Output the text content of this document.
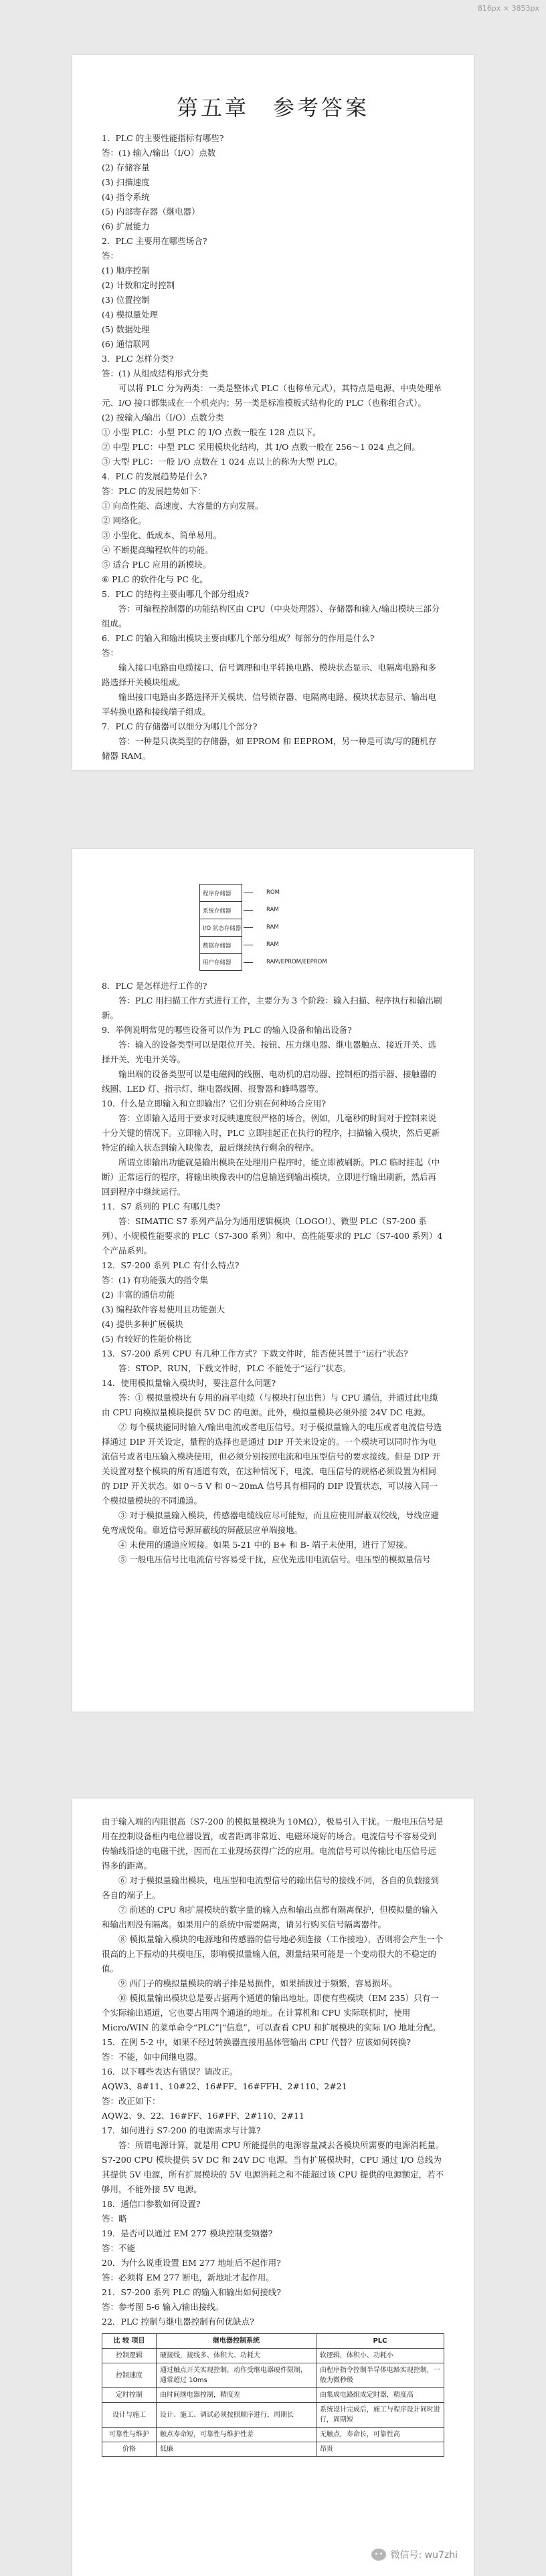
816px × 3853px
第五章　参考答案

1．PLC 的主要性能指标有哪些?

答：(1) 输入/输出（I/O）点数

(2) 存储容量

(3) 扫描速度

(4) 指令系统

(5) 内部寄存器（继电器）

(6) 扩展能力

2．PLC 主要用在哪些场合?

答：

(1) 顺序控制

(2) 计数和定时控制

(3) 位置控制

(4) 模拟量处理

(5) 数据处理

(6) 通信联网

3．PLC 怎样分类?

答：(1) 从组成结构形式分类

可以将 PLC 分为两类：一类是整体式 PLC（也称单元式），其特点是电源、中央处理单元、I/O 接口都集成在一个机壳内；另一类是标准模板式结构化的 PLC（也称组合式）。

(2) 按输入/输出（I/O）点数分类

① 小型 PLC：小型 PLC 的 I/O 点数一般在 128 点以下。

② 中型 PLC：中型 PLC 采用模块化结构，其 I/O 点数一般在 256～1 024 点之间。

③ 大型 PLC：一般 I/O 点数在 1 024 点以上的称为大型 PLC。

4．PLC 的发展趋势是什么?

答：PLC 的发展趋势如下：

① 向高性能、高速度、大容量的方向发展。

② 网络化。

③ 小型化、低成本、简单易用。

④ 不断提高编程软件的功能。

⑤ 适合 PLC 应用的新模块。

⑥ PLC 的软件化与 PC 化。

5．PLC 的结构主要由哪几个部分组成?

答：可编程控制器的功能结构区由 CPU（中央处理器）、存储器和输入/输出模块三部分组成。

6．PLC 的输入和输出模块主要由哪几个部分组成？每部分的作用是什么?

答：

输入接口电路由电缆接口、信号调理和电平转换电路、模块状态显示、电隔离电路和多路选择开关模块组成。

输出接口电路由多路选择开关模块、信号锁存器、电隔离电路、模块状态显示、输出电平转换电路和接线端子组成。

7．PLC 的存储器可以细分为哪几个部分?

答：一种是只读类型的存储器，如 EPROM 和 EEPROM，另一种是可读/写的随机存储器 RAM。

程序存储器	ROM
系统存储器	RAM
I/O 状态存储器	RAM
数据存储器	RAM
用户存储器	RAM/EPROM/EEPROM

8．PLC 是怎样进行工作的?

答：PLC 用扫描工作方式进行工作，主要分为 3 个阶段：输入扫描、程序执行和输出刷新。

9．举例说明常见的哪些设备可以作为 PLC 的输入设备和输出设备?

答：输入的设备类型可以是限位开关、按钮、压力继电器、继电器触点、接近开关、选择开关、光电开关等。

输出端的设备类型可以是电磁阀的线圈、电动机的启动器、控制柜的指示器、接触器的线圈、LED 灯、指示灯、继电器线圈、报警器和蜂鸣器等。

10．什么是立即输入和立即输出？它们分别在何种场合应用?

答：立即输入适用于要求对反映速度很严格的场合，例如，几毫秒的时间对于控制来说十分关键的情况下。立即输入时，PLC 立即挂起正在执行的程序，扫描输入模块，然后更新特定的输入状态到输入映像表，最后继续执行剩余的程序。

所谓立即输出功能就是输出模块在处理用户程序时，能立即被刷新。PLC 临时挂起（中断）正常运行的程序，将输出映像表中的信息输送到输出模块，立即进行输出刷新，然后再回到程序中继续运行。

11．S7 系列的 PLC 有哪几类?

答：SIMATIC S7 系列产品分为通用逻辑模块（LOGO!）、微型 PLC（S7-200 系列）、小规模性能要求的 PLC（S7-300 系列）和中、高性能要求的 PLC（S7-400 系列）4 个产品系列。

12．S7-200 系列 PLC 有什么特点?

答：(1) 有功能强大的指令集

(2) 丰富的通信功能

(3) 编程软件容易使用且功能强大

(4) 提供多种扩展模块

(5) 有较好的性能价格比

13．S7-200 系列 CPU 有几种工作方式？下载文件时，能否使其置于“运行”状态?

答：STOP、RUN，下载文件时，PLC 不能处于“运行”状态。

14．使用模拟量输入模块时，要注意什么问题?

答：① 模拟量模块有专用的扁平电缆（与模块打包出售）与 CPU 通信，并通过此电缆由 CPU 向模拟量模块提供 5V DC 的电源。此外，模拟量模块必须外接 24V DC 电源。

② 每个模块能同时输入/输出电流或者电压信号。对于模拟量输入的电压或者电流信号选择通过 DIP 开关设定，量程的选择也是通过 DIP 开关来设定的。一个模块可以同时作为电流信号或者电压输入模块使用，但必须分别按照电流和电压型信号的要求接线。但是 DIP 开关设置对整个模块的所有通道有效，在这种情况下，电流、电压信号的规格必须设置为相同的 DIP 开关状态。如 0～5 V 和 0～20mA 信号具有相同的 DIP 设置状态，可以接入同一个模拟量模块的不同通道。

③ 对于模拟量输入模块，传感器电缆线应尽可能短，而且应使用屏蔽双绞线，导线应避免弯成锐角。靠近信号源屏蔽线的屏蔽层应单端接地。

④ 未使用的通道应短接。如果 5-21 中的 B+ 和 B- 端子未使用，进行了短接。

⑤ 一般电压信号比电流信号容易受干扰，应优先选用电流信号。电压型的模拟量信号

由于输入端的内阻很高（S7-200 的模拟量模块为 10MΩ），极易引入干扰。一般电压信号是用在控制设备柜内电位器设置，或者距离非常近、电磁环境好的场合。电流信号不容易受到传输线沿途的电磁干扰，因而在工业现场获得广泛的应用。电流信号可以传输比电压信号远得多的距离。

⑥ 对于模拟量输出模块，电压型和电流型信号的输出信号的接线不同，各自的负载接到各自的端子上。

⑦ 前述的 CPU 和扩展模块的数字量的输入点和输出点都有隔离保护，但模拟量的输入和输出则没有隔离。如果用户的系统中需要隔离，请另行购买信号隔离器件。

⑧ 模拟量输入模块的电源地和传感器的信号地必须连接（工作接地），否则将会产生一个很高的上下振动的共模电压，影响模拟量输入值，测量结果可能是一个变动很大的不稳定的值。

⑨ 西门子的模拟量模块的端子排是易损件，如果插拔过于频繁，容易损坏。

⑩ 模拟量输出模块总是要占据两个通道的输出地址。即使有些模块（EM 235）只有一个实际输出通道，它也要占用两个通道的地址。在计算机和 CPU 实际联机时，使用 Micro/WIN 的菜单命令“PLC”|“信息”，可以查看 CPU 和扩展模块的实际 I/O 地址分配。

15．在例 5-2 中，如果不经过转换器直接用晶体管输出 CPU 代替？应该如何转换?

答：不能，如中间继电器。

16．以下哪些表达有错误？请改正。

AQW3、8#11、10#22、16#FF、16#FFH、2#110、2#21

答：改正如下：

AQW2、9、22、16#FF、16#FF、2#110、2#11

17．如何进行 S7-200 的电源需求与计算?

答：所谓电源计算，就是用 CPU 所能提供的电源容量减去各模块所需要的电源消耗量。S7-200 CPU 模块提供 5V DC 和 24V DC 电源。当有扩展模块时，CPU 通过 I/O 总线为其提供 5V 电源，所有扩展模块的 5V 电源消耗之和不能超过该 CPU 提供的电源额定，若不够用，不能外接 5V 电源。

18．通信口参数如何设置?

答：略

19．是否可以通过 EM 277 模块控制变频器?

答：不能

20．为什么说重设置 EM 277 地址后不起作用?

答：必须将 EM 277 断电，新地址才起作用。

21．S7-200 系列 PLC 的输入和输出如何接线?

答：参考图 5-6 输入/输出接线。

22．PLC 控制与继电器控制有何优缺点?

比 较 项目	继电器控制系统	PLC
控制逻辑	硬接线，接线多、体积大、功耗大	软逻辑，体积小、功耗小
控制速度	通过触点开关实现控制，动作受继电器硬件限制，通常超过 10ms	由程序指令控制半导体电路实现控制，一般为微秒级
定时控制	由时间继电器控制，精度差	由集成电路组成定时器，精度高
设计与施工	设计、施工、调试必须按照顺序进行，周期长	系统设计完成后，施工与程序设计同时进行，周期短
可靠性与维护	触点寿命短，可靠性与维护性差	无触点，寿命长，可靠性高
价格	低廉	昂贵
微信号: wu7zhi
